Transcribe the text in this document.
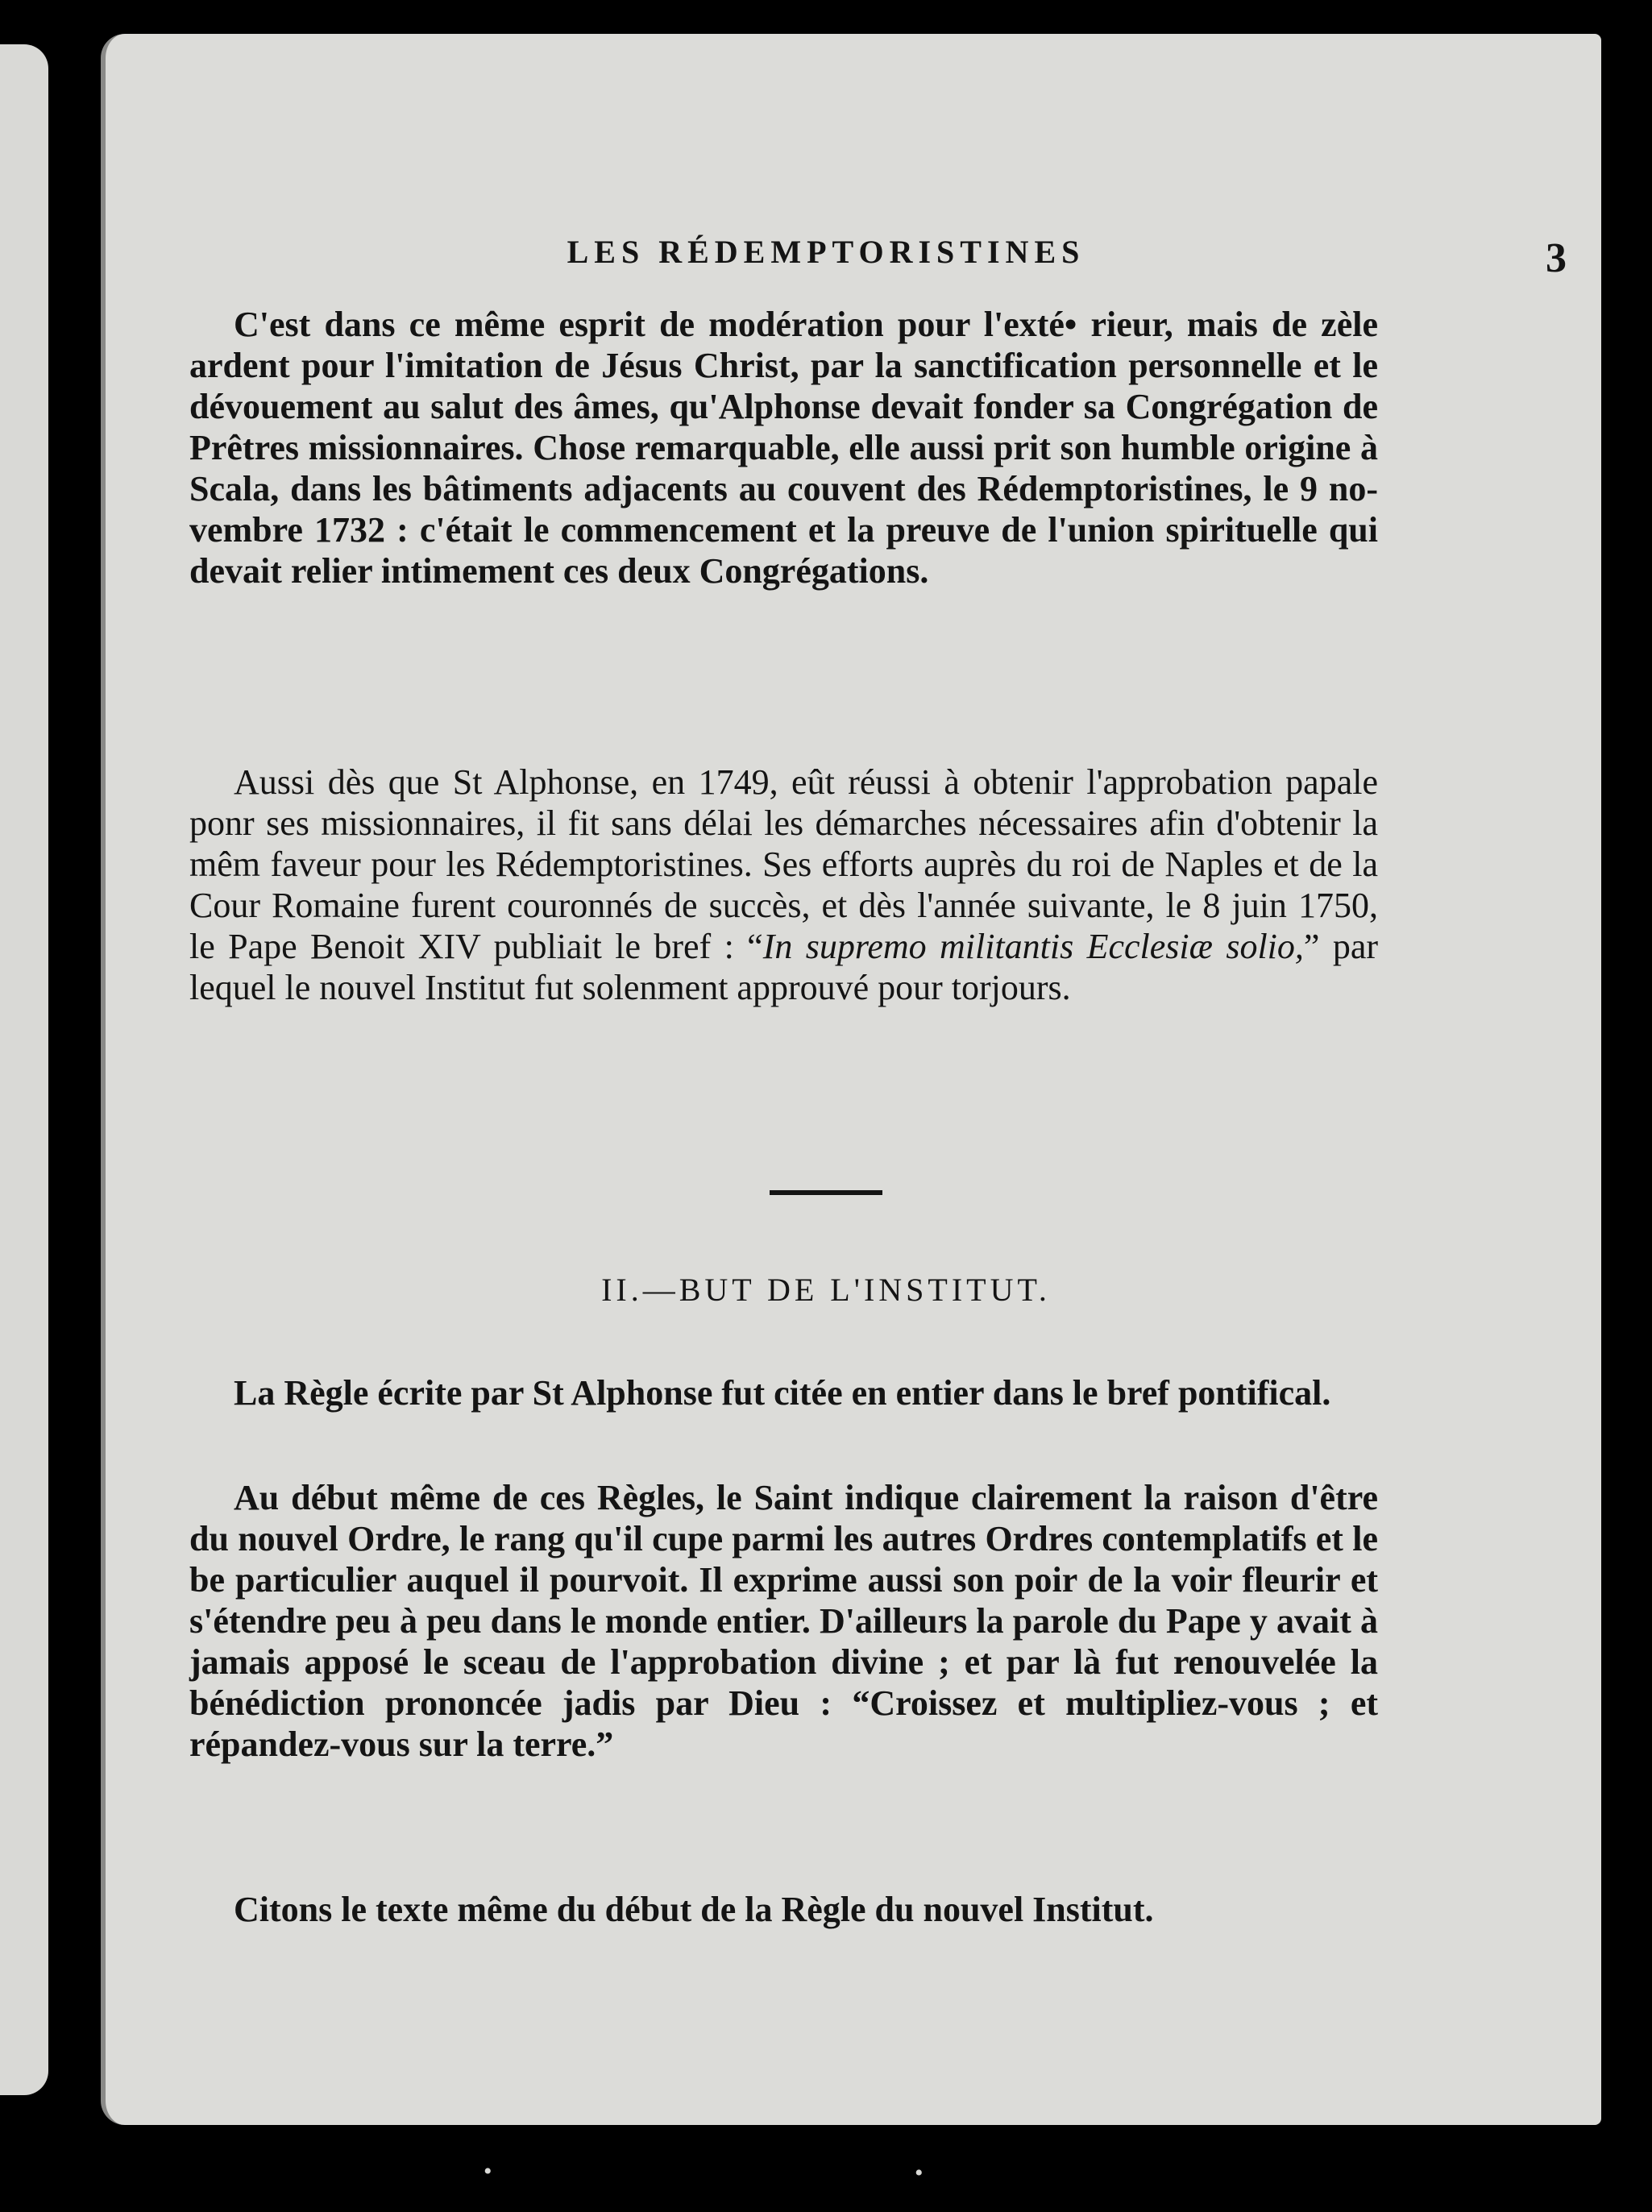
LES RÉDEMPTORISTINES	3

C'est dans ce même esprit de modération pour l'exté• rieur, mais de zèle ardent pour l'imitation de Jésus Christ, par la sanctification personnelle et le dévouement au salut des âmes, qu'Alphonse devait fonder sa Congrégation de Prêtres missionnaires. Chose remarquable, elle aussi prit son humble origine à Scala, dans les bâtiments adjacents au couvent des Rédemptoristines, le 9 novembre 1732 : c'était le commencement et la preuve de l'union spirituelle qui devait relier intimement ces deux Congrégations.

Aussi dès que St Alphonse, en 1749, eût réussi à obtenir l'approbation papale ponr ses missionnaires, il fit sans délai les démarches nécessaires afin d'obtenir la mêm faveur pour les Rédemptoristines. Ses efforts auprès du roi de Naples et de la Cour Romaine furent couronnés de succès, et dès l'année suivante, le 8 juin 1750, le Pape Benoit XIV publiait le bref : “In supremo militantis Ecclesiæ solio,” par lequel le nouvel Institut fut solenment approuvé pour torjours.

II.—BUT DE L'INSTITUT.

La Règle écrite par St Alphonse fut citée en entier dans le bref pontifical.

Au début même de ces Règles, le Saint indique clairement la raison d'être du nouvel Ordre, le rang qu'il cupe parmi les autres Ordres contemplatifs et le be particulier auquel il pourvoit. Il exprime aussi son poir de la voir fleurir et s'étendre peu à peu dans le monde entier. D'ailleurs la parole du Pape y avait à jamais apposé le sceau de l'approbation divine ; et par là fut renouvelée la bénédiction prononcée jadis par Dieu : “Croissez et multipliez-vous ; et répandez-vous sur la terre.”

Citons le texte même du début de la Règle du nouvel Institut.

•	•
